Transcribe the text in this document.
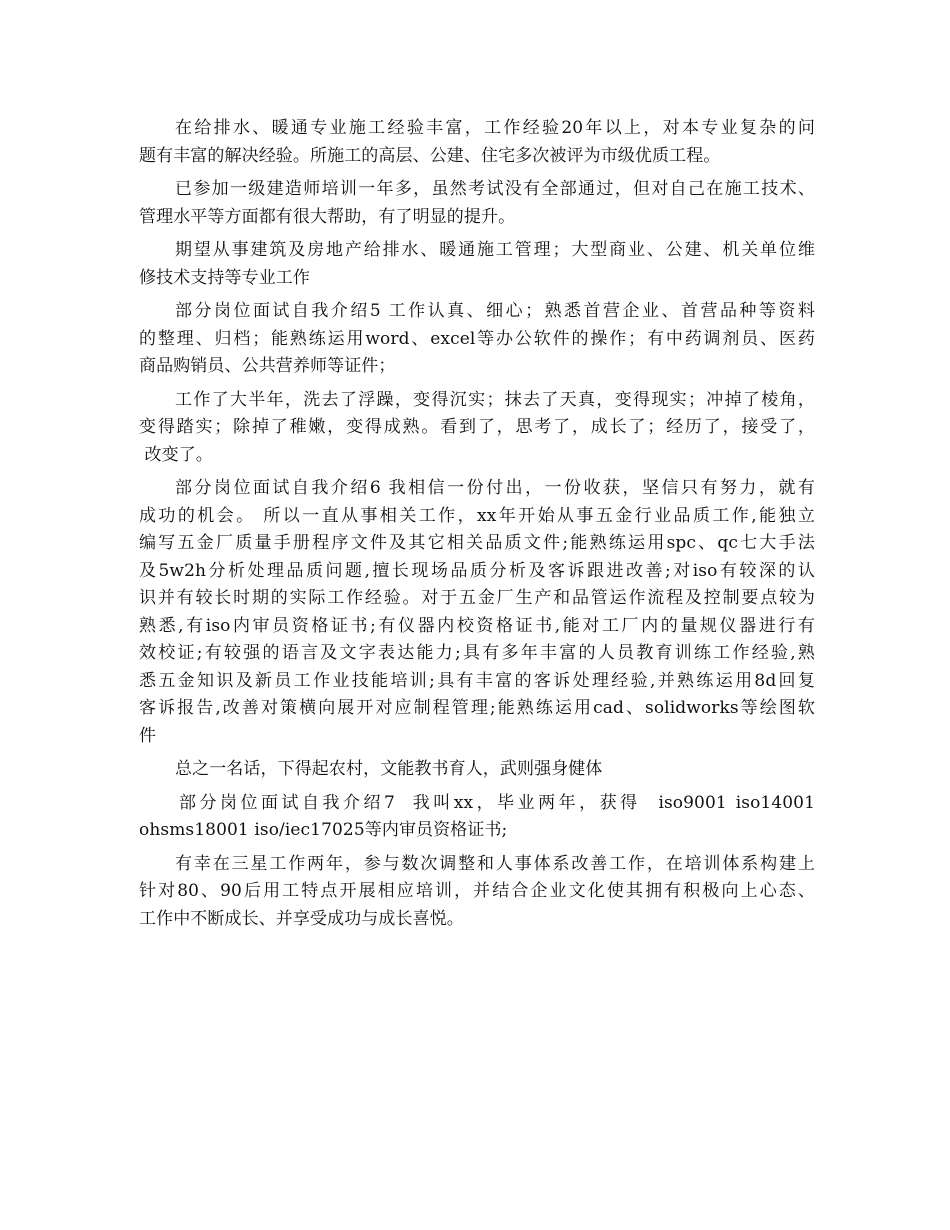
在给排水、暖通专业施工经验丰富，工作经验20年以上，对本专业复杂的问
题有丰富的解决经验。所施工的高层、公建、住宅多次被评为市级优质工程。

已参加一级建造师培训一年多，虽然考试没有全部通过，但对自己在施工技术、
管理水平等方面都有很大帮助，有了明显的提升。

期望从事建筑及房地产给排水、暖通施工管理；大型商业、公建、机关单位维
修技术支持等专业工作

部分岗位面试自我介绍5 工作认真、细心；熟悉首营企业、首营品种等资料
的整理、归档；能熟练运用word、excel等办公软件的操作；有中药调剂员、医药
商品购销员、公共营养师等证件；

工作了大半年，洗去了浮躁，变得沉实；抹去了天真，变得现实；冲掉了棱角，
变得踏实；除掉了稚嫩，变得成熟。看到了，思考了，成长了；经历了，接受了，
改变了。

部分岗位面试自我介绍6 我相信一份付出，一份收获，坚信只有努力，就有
成功的机会。 所以一直从事相关工作，xx年开始从事五金行业品质工作,能独立
编写五金厂质量手册程序文件及其它相关品质文件;能熟练运用spc、qc七大手法
及5w2h分析处理品质问题,擅长现场品质分析及客诉跟进改善;对iso有较深的认
识并有较长时期的实际工作经验。对于五金厂生产和品管运作流程及控制要点较为
熟悉,有iso内审员资格证书;有仪器内校资格证书,能对工厂内的量规仪器进行有
效校证;有较强的语言及文字表达能力;具有多年丰富的人员教育训练工作经验,熟
悉五金知识及新员工作业技能培训;具有丰富的客诉处理经验,并熟练运用8d回复
客诉报告,改善对策横向展开对应制程管理;能熟练运用cad、solidworks等绘图软
件

总之一名话，下得起农村，文能教书育人，武则强身健体

部分岗位面试自我介绍7  我叫xx，毕业两年，获得  iso9001 iso14001
ohsms18001 iso/iec17025等内审员资格证书;

有幸在三星工作两年，参与数次调整和人事体系改善工作，在培训体系构建上
针对80、90后用工特点开展相应培训，并结合企业文化使其拥有积极向上心态、
工作中不断成长、并享受成功与成长喜悦。
